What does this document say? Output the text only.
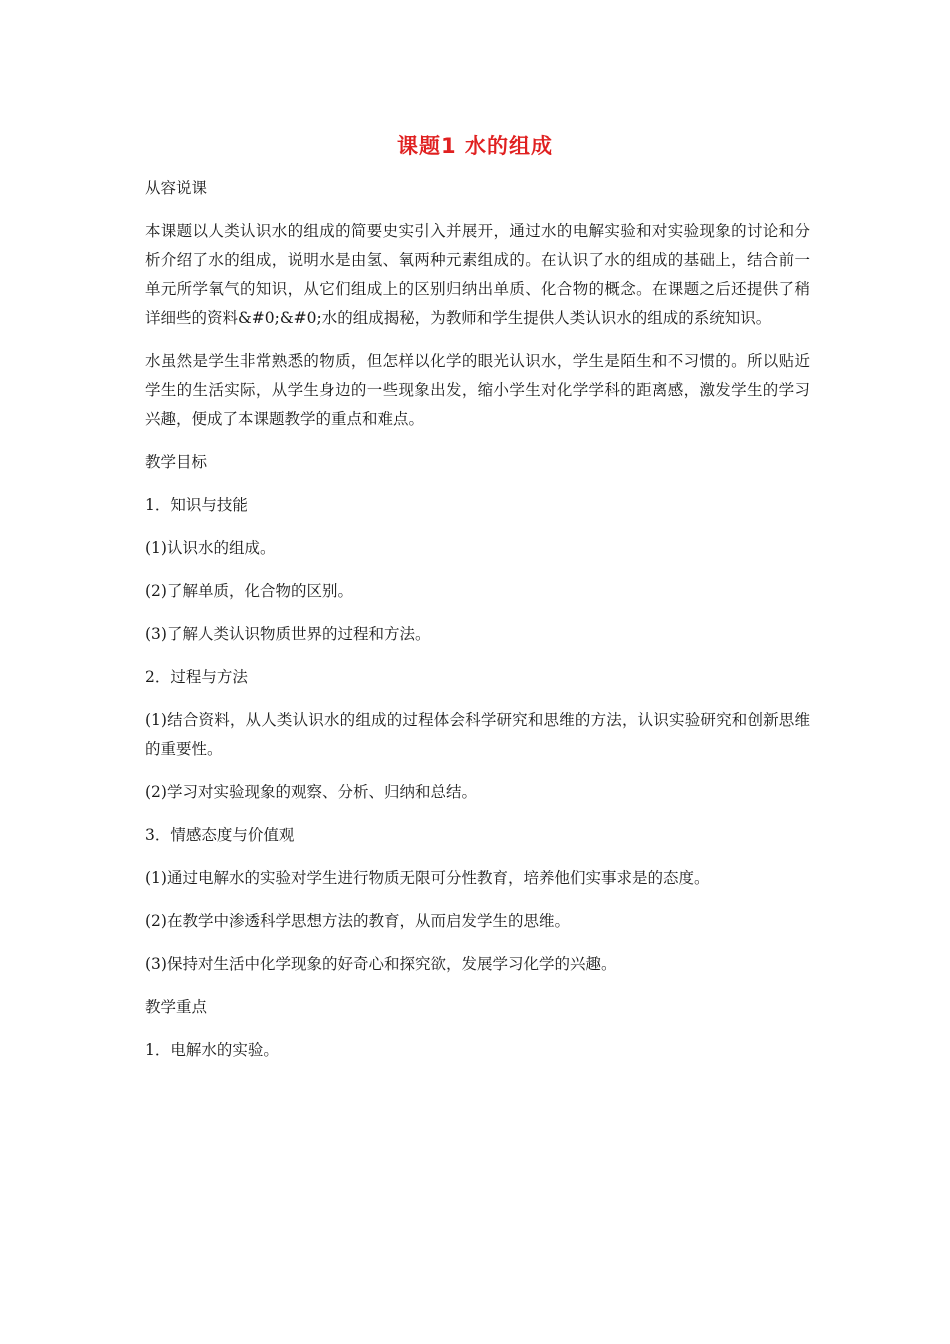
课题1 水的组成

从容说课

本课题以人类认识水的组成的简要史实引入并展开，通过水的电解实验和对实验现象的讨论和分析介绍了水的组成，说明水是由氢、氧两种元素组成的。在认识了水的组成的基础上，结合前一单元所学氧气的知识，从它们组成上的区别归纳出单质、化合物的概念。在课题之后还提供了稍详细些的资料&#0;&#0;水的组成揭秘，为教师和学生提供人类认识水的组成的系统知识。

水虽然是学生非常熟悉的物质，但怎样以化学的眼光认识水，学生是陌生和不习惯的。所以贴近学生的生活实际，从学生身边的一些现象出发，缩小学生对化学学科的距离感，激发学生的学习兴趣，便成了本课题教学的重点和难点。

教学目标

1．知识与技能

(1)认识水的组成。

(2)了解单质，化合物的区别。

(3)了解人类认识物质世界的过程和方法。

2．过程与方法

(1)结合资料，从人类认识水的组成的过程体会科学研究和思维的方法，认识实验研究和创新思维的重要性。

(2)学习对实验现象的观察、分析、归纳和总结。

3．情感态度与价值观

(1)通过电解水的实验对学生进行物质无限可分性教育，培养他们实事求是的态度。

(2)在教学中渗透科学思想方法的教育，从而启发学生的思维。

(3)保持对生活中化学现象的好奇心和探究欲，发展学习化学的兴趣。

教学重点

1．电解水的实验。
